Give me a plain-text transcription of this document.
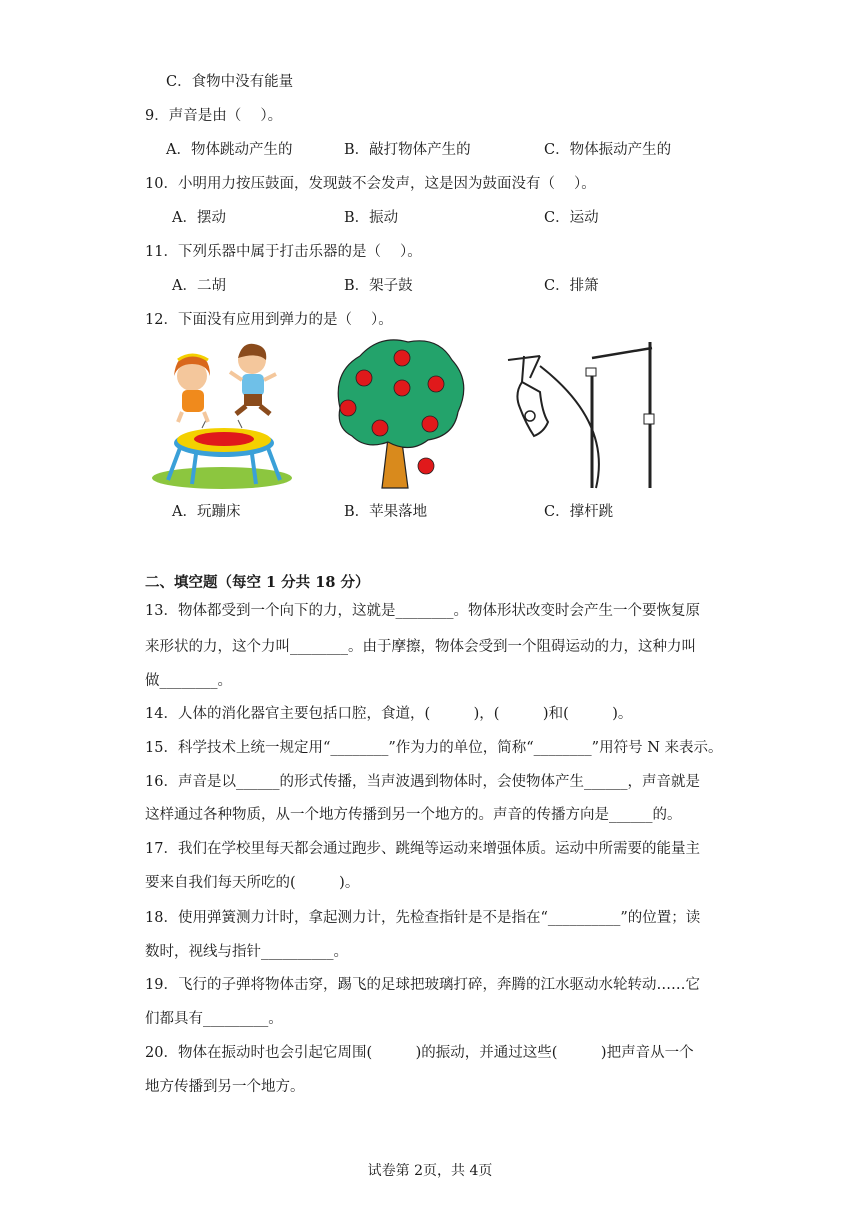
C．食物中没有能量
9．声音是由（　 ）。
A．物体跳动产生的	B．敲打物体产生的	C．物体振动产生的
10．小明用力按压鼓面，发现鼓不会发声，这是因为鼓面没有（　 ）。
A．摆动	B．振动	C．运动
11．下列乐器中属于打击乐器的是（　 ）。
A．二胡	B．架子鼓	C．排箫
12．下面没有应用到弹力的是（　 ）。
A．玩蹦床	B．苹果落地	C．撑杆跳
二、填空题（每空 1 分共 18 分）
13．物体都受到一个向下的力，这就是________。物体形状改变时会产生一个要恢复原
来形状的力，这个力叫________。由于摩擦，物体会受到一个阻碍运动的力，这种力叫
做________。
14．人体的消化器官主要包括口腔，食道，(　　　)，(　　　)和(　　　)。
15．科学技术上统一规定用“________”作为力的单位，简称“________”用符号 N 来表示。
16．声音是以______的形式传播，当声波遇到物体时，会使物体产生______，声音就是
这样通过各种物质，从一个地方传播到另一个地方的。声音的传播方向是______的。
17．我们在学校里每天都会通过跑步、跳绳等运动来增强体质。运动中所需要的能量主
要来自我们每天所吃的(　　　)。
18．使用弹簧测力计时，拿起测力计，先检查指针是不是指在“__________”的位置；读
数时，视线与指针__________。
19．飞行的子弹将物体击穿，踢飞的足球把玻璃打碎，奔腾的江水驱动水轮转动……它
们都具有_________。
20．物体在振动时也会引起它周围(　　　)的振动，并通过这些(　　　)把声音从一个
地方传播到另一个地方。
试卷第 2页，共 4页
